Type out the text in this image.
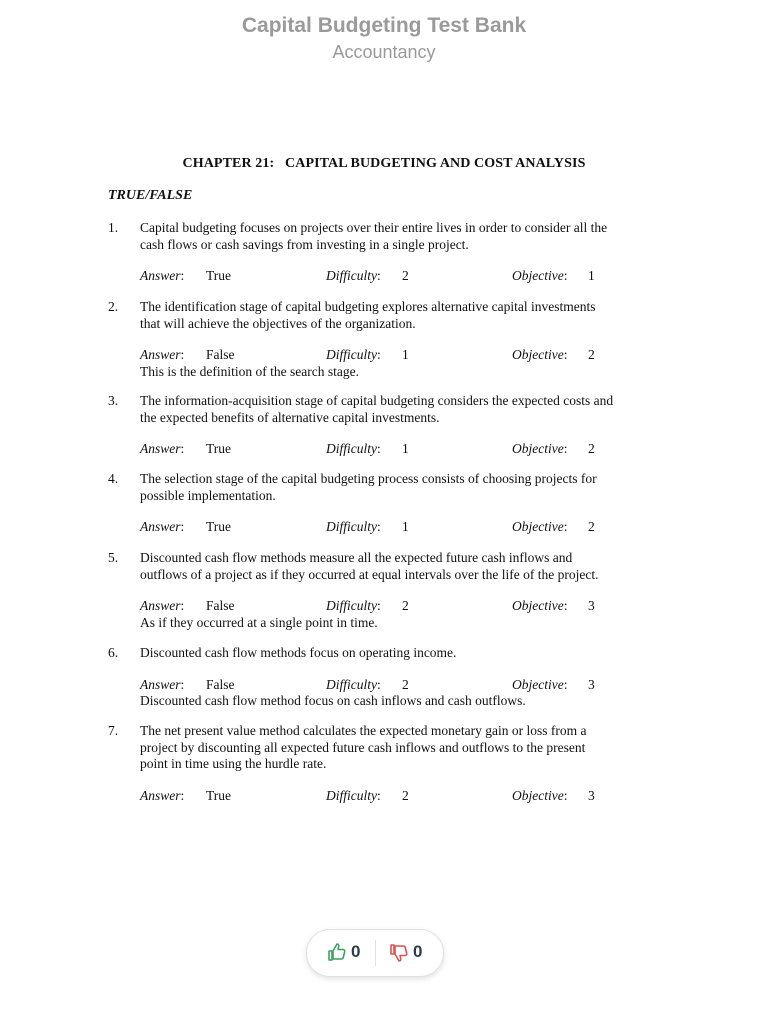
Capital Budgeting Test Bank
Accountancy
CHAPTER 21:   CAPITAL BUDGETING AND COST ANALYSIS
TRUE/FALSE
1. Capital budgeting focuses on projects over their entire lives in order to consider all the
cash flows or cash savings from investing in a single project.
Answer: True	Difficulty: 2	Objective: 1
2. The identification stage of capital budgeting explores alternative capital investments
that will achieve the objectives of the organization.
Answer: False	Difficulty: 1	Objective: 2
This is the definition of the search stage.
3. The information-acquisition stage of capital budgeting considers the expected costs and
the expected benefits of alternative capital investments.
Answer: True	Difficulty: 1	Objective: 2
4. The selection stage of the capital budgeting process consists of choosing projects for
possible implementation.
Answer: True	Difficulty: 1	Objective: 2
5. Discounted cash flow methods measure all the expected future cash inflows and
outflows of a project as if they occurred at equal intervals over the life of the project.
Answer: False	Difficulty: 2	Objective: 3
As if they occurred at a single point in time.
6. Discounted cash flow methods focus on operating income.
Answer: False	Difficulty: 2	Objective: 3
Discounted cash flow method focus on cash inflows and cash outflows.
7. The net present value method calculates the expected monetary gain or loss from a
project by discounting all expected future cash inflows and outflows to the present
point in time using the hurdle rate.
Answer: True	Difficulty: 2	Objective: 3
0	0
